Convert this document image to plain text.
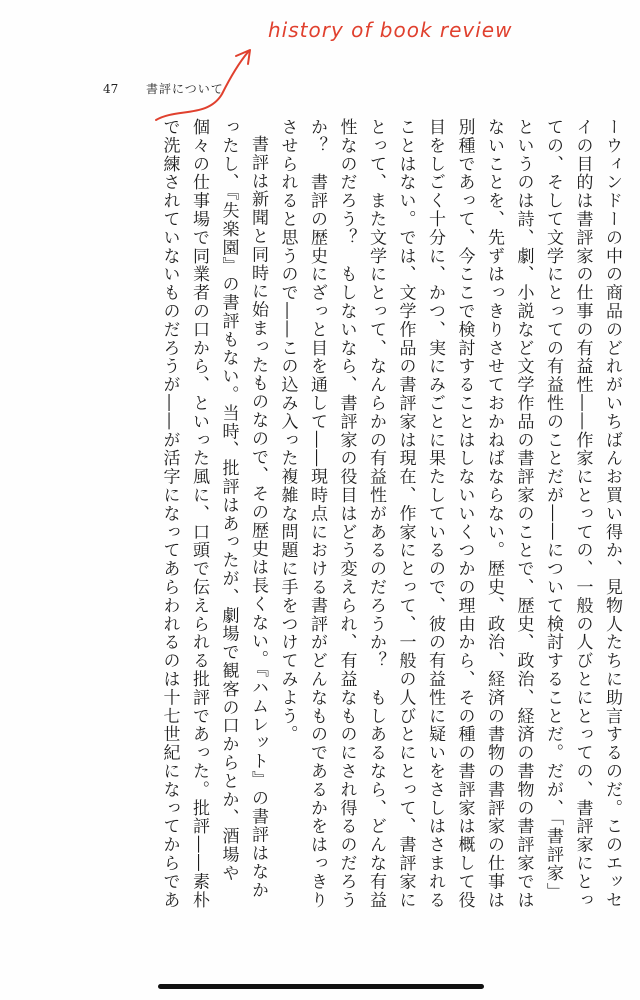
47 書評について
history of book review
ーウィンドーの中の商品のどれがいちばんお買い得か、見物人たちに助言するのだ。このエッセ
イの目的は書評家の仕事の有益性――作家にとっての、一般の人びとにとっての、書評家にとっ
ての、そして文学にとっての有益性のことだが――について検討することだ。だが、「書評家」
というのは詩、劇、小説など文学作品の書評家のことで、歴史、政治、経済の書物の書評家では
ないことを、先ずはっきりさせておかねばならない。歴史、政治、経済の書物の書評家の仕事は
別種であって、今ここで検討することはしないいくつかの理由から、その種の書評家は概して役
目をしごく十分に、かつ、実にみごとに果たしているので、彼の有益性に疑いをさしはさまれる
ことはない。では、文学作品の書評家は現在、作家にとって、一般の人びとにとって、書評家に
とって、また文学にとって、なんらかの有益性があるのだろうか？　もしあるなら、どんな有益
性なのだろう？　もしないなら、書評家の役目はどう変えられ、有益なものにされ得るのだろう
か？　書評の歴史にざっと目を通して――現時点における書評がどんなものであるかをはっきり
させられると思うので――この込み入った複雑な問題に手をつけてみよう。
書評は新聞と同時に始まったものなので、その歴史は長くない。『ハムレット』の書評はなか
ったし、『失楽園』の書評もない。当時、批評はあったが、劇場で観客の口からとか、酒場や
個々の仕事場で同業者の口から、といった風に、口頭で伝えられる批評であった。批評――素朴
で洗練されていないものだろうが――が活字になってあらわれるのは十七世紀になってからであ
